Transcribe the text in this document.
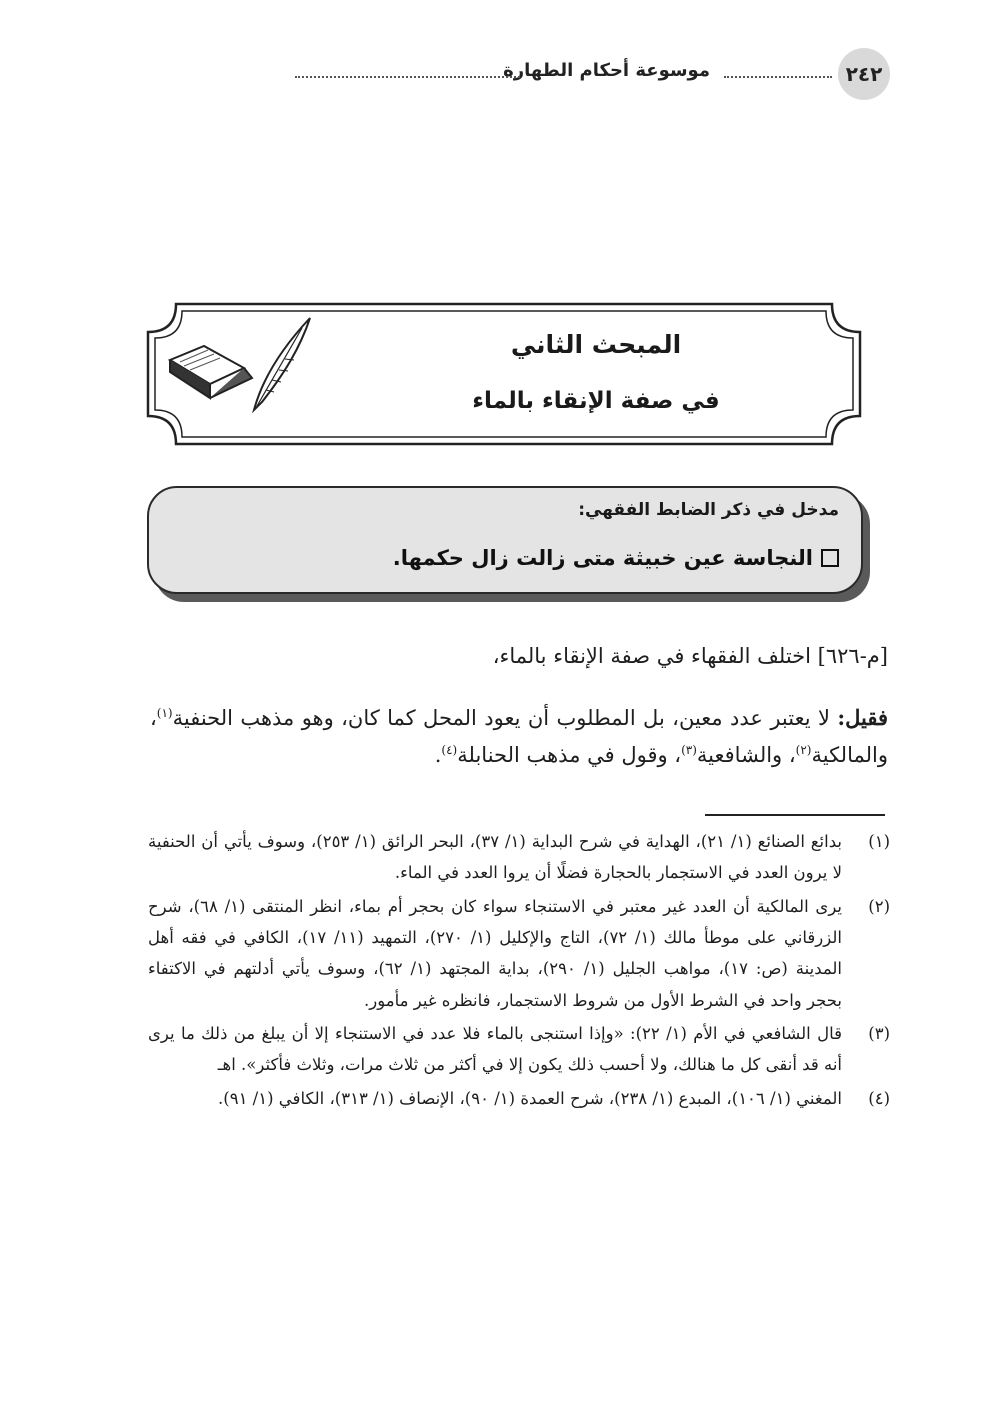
٢٤٢
موسوعة أحكام الطهارة
المبحث الثاني
في صفة الإنقاء بالماء
مدخل في ذكر الضابط الفقهي:
النجاسة عين خبيثة متى زالت زال حكمها.
[م-٦٢٦] اختلف الفقهاء في صفة الإنقاء بالماء،
فقيل: لا يعتبر عدد معين، بل المطلوب أن يعود المحل كما كان، وهو مذهب الحنفية$^{(١)}$، والمالكية$^{(٢)}$، والشافعية$^{(٣)}$، وقول في مذهب الحنابلة$^{(٤)}$.
(١)
بدائع الصنائع (١/ ٢١)، الهداية في شرح البداية (١/ ٣٧)، البحر الرائق (١/ ٢٥٣)، وسوف يأتي أن الحنفية لا يرون العدد في الاستجمار بالحجارة فضلًا أن يروا العدد في الماء.
(٢)
يرى المالكية أن العدد غير معتبر في الاستنجاء سواء كان بحجر أم بماء، انظر المنتقى (١/ ٦٨)، شرح الزرقاني على موطأ مالك (١/ ٧٢)، التاج والإكليل (١/ ٢٧٠)، التمهيد (١١/ ١٧)، الكافي في فقه أهل المدينة (ص: ١٧)، مواهب الجليل (١/ ٢٩٠)، بداية المجتهد (١/ ٦٢)، وسوف يأتي أدلتهم في الاكتفاء بحجر واحد في الشرط الأول من شروط الاستجمار، فانظره غير مأمور.
(٣)
قال الشافعي في الأم (١/ ٢٢): «وإذا استنجى بالماء فلا عدد في الاستنجاء إلا أن يبلغ من ذلك ما يرى أنه قد أنقى كل ما هنالك، ولا أحسب ذلك يكون إلا في أكثر من ثلاث مرات، وثلاث فأكثر». اهـ
(٤)
المغني (١/ ١٠٦)، المبدع (١/ ٢٣٨)، شرح العمدة (١/ ٩٠)، الإنصاف (١/ ٣١٣)، الكافي (١/ ٩١).
